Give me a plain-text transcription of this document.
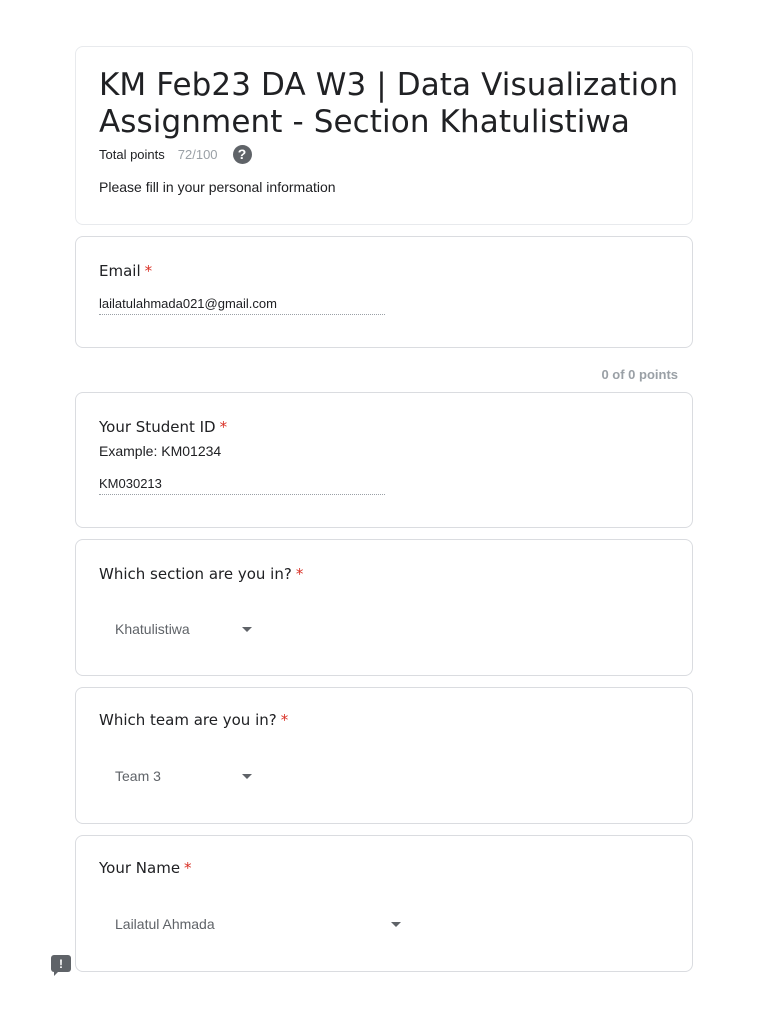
KM Feb23 DA W3 | Data Visualization Assignment - Section Khatulistiwa
Total points 72/100	?
Please fill in your personal information
Email *
lailatulahmada021@gmail.com
0 of 0 points
Your Student ID *
Example: KM01234
KM030213
Which section are you in? *
Khatulistiwa
Which team are you in? *
Team 3
Your Name *
Lailatul Ahmada
!
